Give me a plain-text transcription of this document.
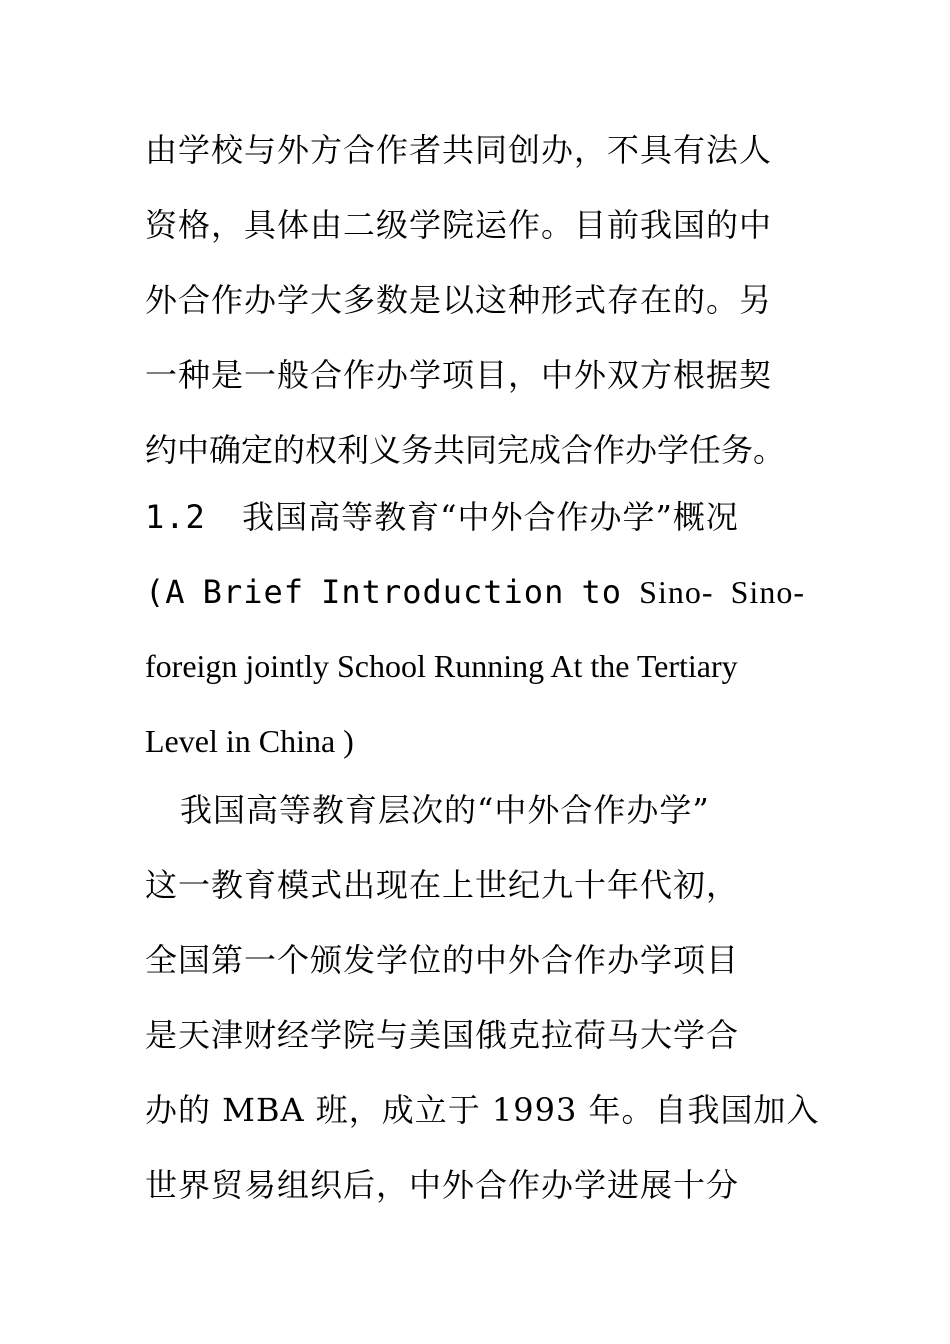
由学校与外方合作者共同创办，不具有法人
资格，具体由二级学院运作。目前我国的中
外合作办学大多数是以这种形式存在的。另
一种是一般合作办学项目，中外双方根据契
约中确定的权利义务共同完成合作办学任务。
1.2 我国高等教育“中外合作办学”概况
(A Brief Introduction to Sino- Sino-
foreign jointly School Running At the Tertiary
Level in China )
我国高等教育层次的“中外合作办学”
这一教育模式出现在上世纪九十年代初，
全国第一个颁发学位的中外合作办学项目
是天津财经学院与美国俄克拉荷马大学合
办的 MBA 班，成立于 1993 年。自我国加入
世界贸易组织后，中外合作办学进展十分
